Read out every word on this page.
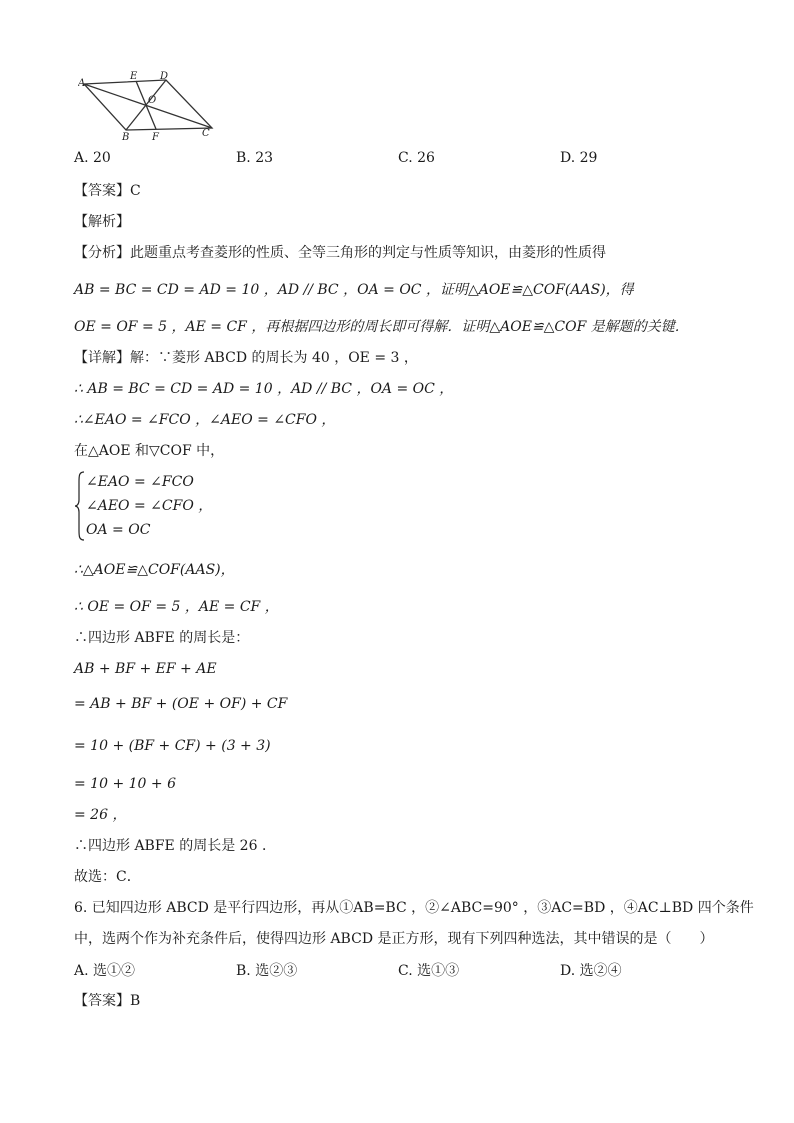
A
E D
O
B F	C
A. 20	B. 23	C. 26	D. 29
【答案】C
【解析】
【分析】此题重点考查菱形的性质、全等三角形的判定与性质等知识，由菱形的性质得
AB = BC = CD = AD = 10 ，AD // BC ，OA = OC ，证明△AOE≌△COF(AAS)，得
OE = OF = 5 ，AE = CF ，再根据四边形的周长即可得解．证明△AOE≌△COF 是解题的关键．
【详解】解：∵菱形 ABCD 的周长为 40 ，OE = 3 ，
∴ AB = BC = CD = AD = 10 ，AD // BC ，OA = OC ，
∴∠EAO = ∠FCO ，∠AEO = ∠CFO ，
在△AOE 和▽COF 中，
∠EAO = ∠FCO
∠AEO = ∠CFO ，
OA = OC
∴△AOE≌△COF(AAS)，
∴ OE = OF = 5 ，AE = CF ，
∴四边形 ABFE 的周长是：
AB + BF + EF + AE
= AB + BF + (OE + OF) + CF
= 10 + (BF + CF) + (3 + 3)
= 10 + 10 + 6
= 26 ，
∴四边形 ABFE 的周长是 26 ．
故选：C．
6. 已知四边形 ABCD 是平行四边形，再从①AB=BC ，②∠ABC=90° ，③AC=BD ，④AC⊥BD 四个条件
中，选两个作为补充条件后，使得四边形 ABCD 是正方形，现有下列四种选法，其中错误的是（　　）
A. 选①②	B. 选②③	C. 选①③	D. 选②④
【答案】B
